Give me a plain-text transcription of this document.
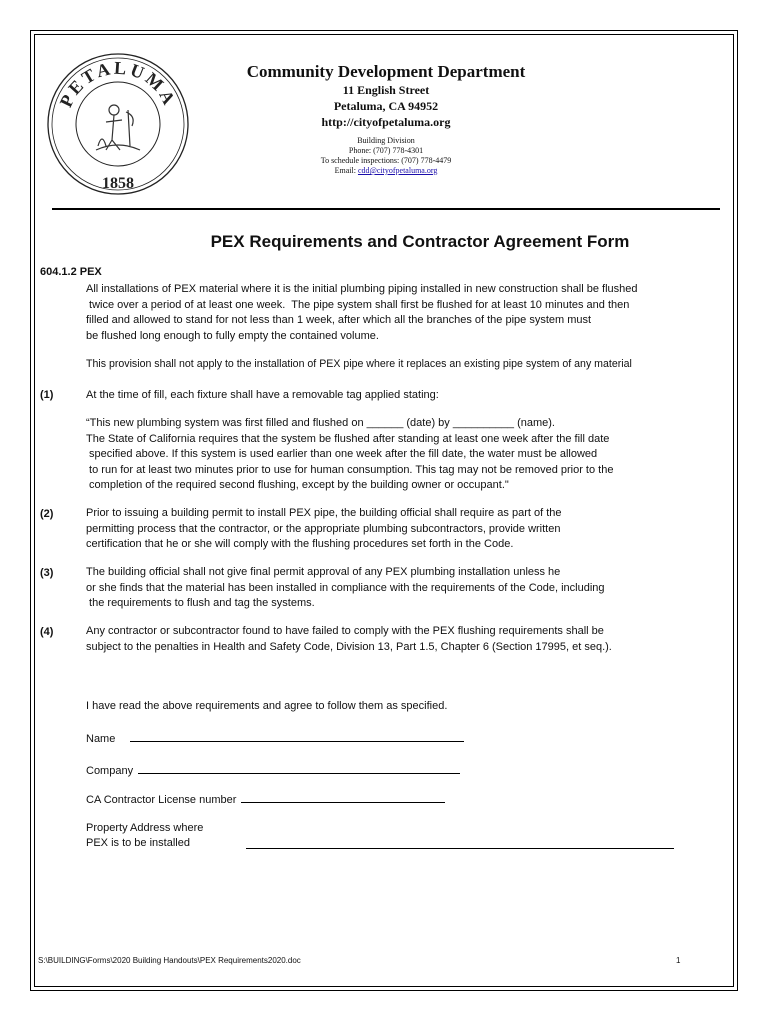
PETALUMA
1858
Community Development Department
11 English Street
Petaluma, CA 94952
http://cityofpetaluma.org
Building Division
Phone: (707) 778-4301
To schedule inspections: (707) 778-4479
Email: cdd@cityofpetaluma.org
PEX Requirements and Contractor Agreement Form
604.1.2 PEX
All installations of PEX material where it is the initial plumbing piping installed in new construction shall be flushed
twice over a period of at least one week.  The pipe system shall first be flushed for at least 10 minutes and then
filled and allowed to stand for not less than 1 week, after which all the branches of the pipe system must
be flushed long enough to fully empty the contained volume.
This provision shall not apply to the installation of PEX pipe where it replaces an existing pipe system of any material
(1)	At the time of fill, each fixture shall have a removable tag applied stating:
“This new plumbing system was first filled and flushed on ______ (date) by __________ (name).
The State of California requires that the system be flushed after standing at least one week after the fill date
specified above. If this system is used earlier than one week after the fill date, the water must be allowed
to run for at least two minutes prior to use for human consumption. This tag may not be removed prior to the
completion of the required second flushing, except by the building owner or occupant."
(2)	Prior to issuing a building permit to install PEX pipe, the building official shall require as part of the
permitting process that the contractor, or the appropriate plumbing subcontractors, provide written
certification that he or she will comply with the flushing procedures set forth in the Code.
(3)	The building official shall not give final permit approval of any PEX plumbing installation unless he
or she finds that the material has been installed in compliance with the requirements of the Code, including
the requirements to flush and tag the systems.
(4)	Any contractor or subcontractor found to have failed to comply with the PEX flushing requirements shall be
subject to the penalties in Health and Safety Code, Division 13, Part 1.5, Chapter 6 (Section 17995, et seq.).
I have read the above requirements and agree to follow them as specified.
Name
Company
CA Contractor License number
Property Address where
PEX is to be installed
S:\BUILDING\Forms\2020 Building Handouts\PEX Requirements2020.doc	1
